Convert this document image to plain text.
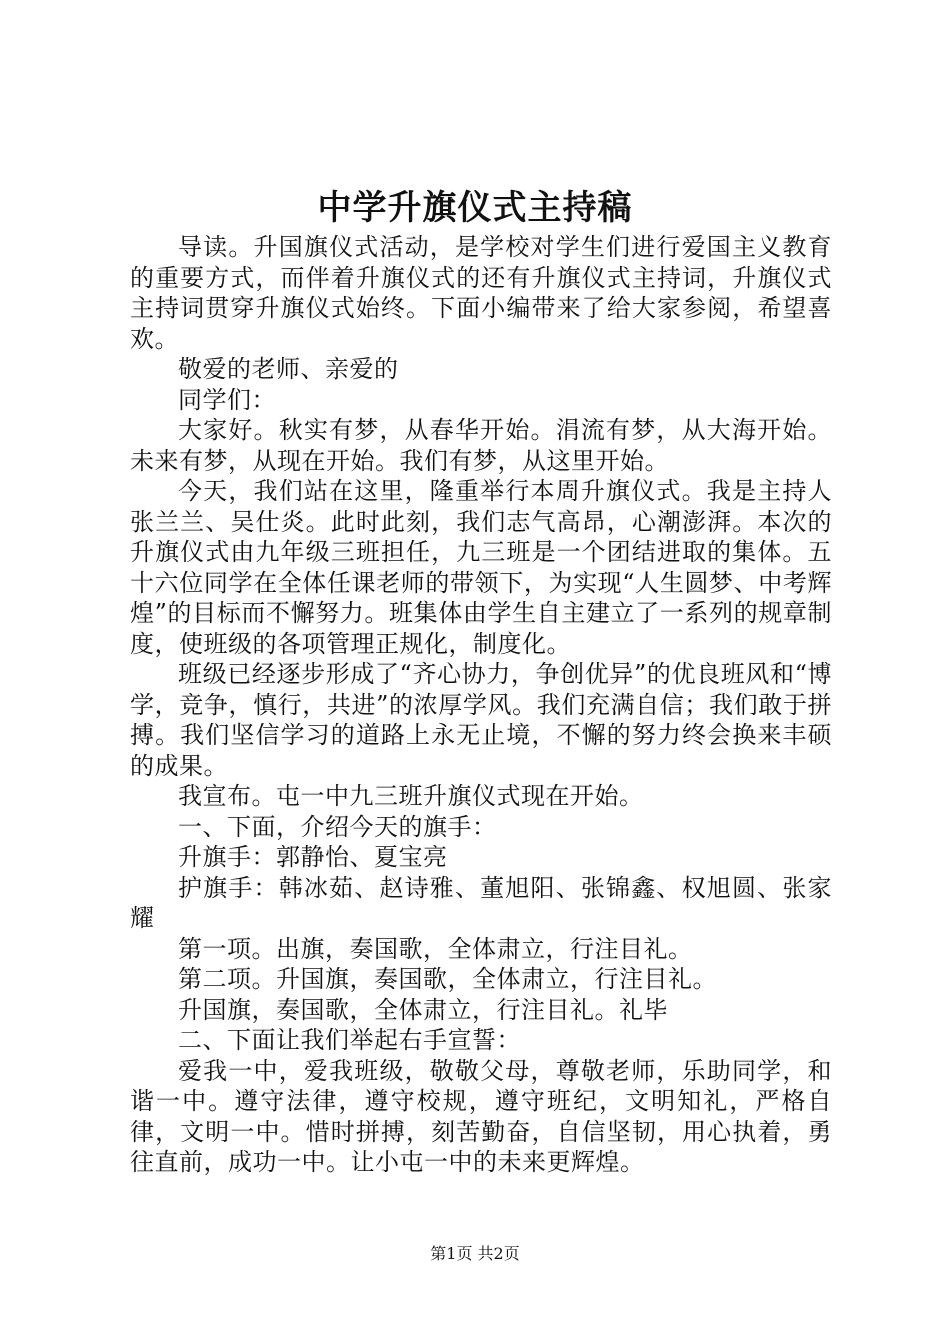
中学升旗仪式主持稿

导读。升国旗仪式活动，是学校对学生们进行爱国主义教育的重要方式，而伴着升旗仪式的还有升旗仪式主持词，升旗仪式主持词贯穿升旗仪式始终。下面小编带来了给大家参阅，希望喜欢。

敬爱的老师、亲爱的

同学们：

大家好。秋实有梦，从春华开始。涓流有梦，从大海开始。未来有梦，从现在开始。我们有梦，从这里开始。

今天，我们站在这里，隆重举行本周升旗仪式。我是主持人张兰兰、吴仕炎。此时此刻，我们志气高昂，心潮澎湃。本次的升旗仪式由九年级三班担任，九三班是一个团结进取的集体。五十六位同学在全体任课老师的带领下，为实现“人生圆梦、中考辉煌”的目标而不懈努力。班集体由学生自主建立了一系列的规章制度，使班级的各项管理正规化，制度化。

班级已经逐步形成了“齐心协力，争创优异”的优良班风和“博学，竞争，慎行，共进”的浓厚学风。我们充满自信；我们敢于拼搏。我们坚信学习的道路上永无止境，不懈的努力终会换来丰硕的成果。

我宣布。屯一中九三班升旗仪式现在开始。

一、下面，介绍今天的旗手：

升旗手：郭静怡、夏宝亮

护旗手：韩冰茹、赵诗雅、董旭阳、张锦鑫、权旭圆、张家耀

第一项。出旗，奏国歌，全体肃立，行注目礼。

第二项。升国旗，奏国歌，全体肃立，行注目礼。

升国旗，奏国歌，全体肃立，行注目礼。礼毕

二、下面让我们举起右手宣誓：

爱我一中，爱我班级，敬敬父母，尊敬老师，乐助同学，和谐一中。遵守法律，遵守校规，遵守班纪，文明知礼，严格自律，文明一中。惜时拼搏，刻苦勤奋，自信坚韧，用心执着，勇往直前，成功一中。让小屯一中的未来更辉煌。

第1页 共2页
